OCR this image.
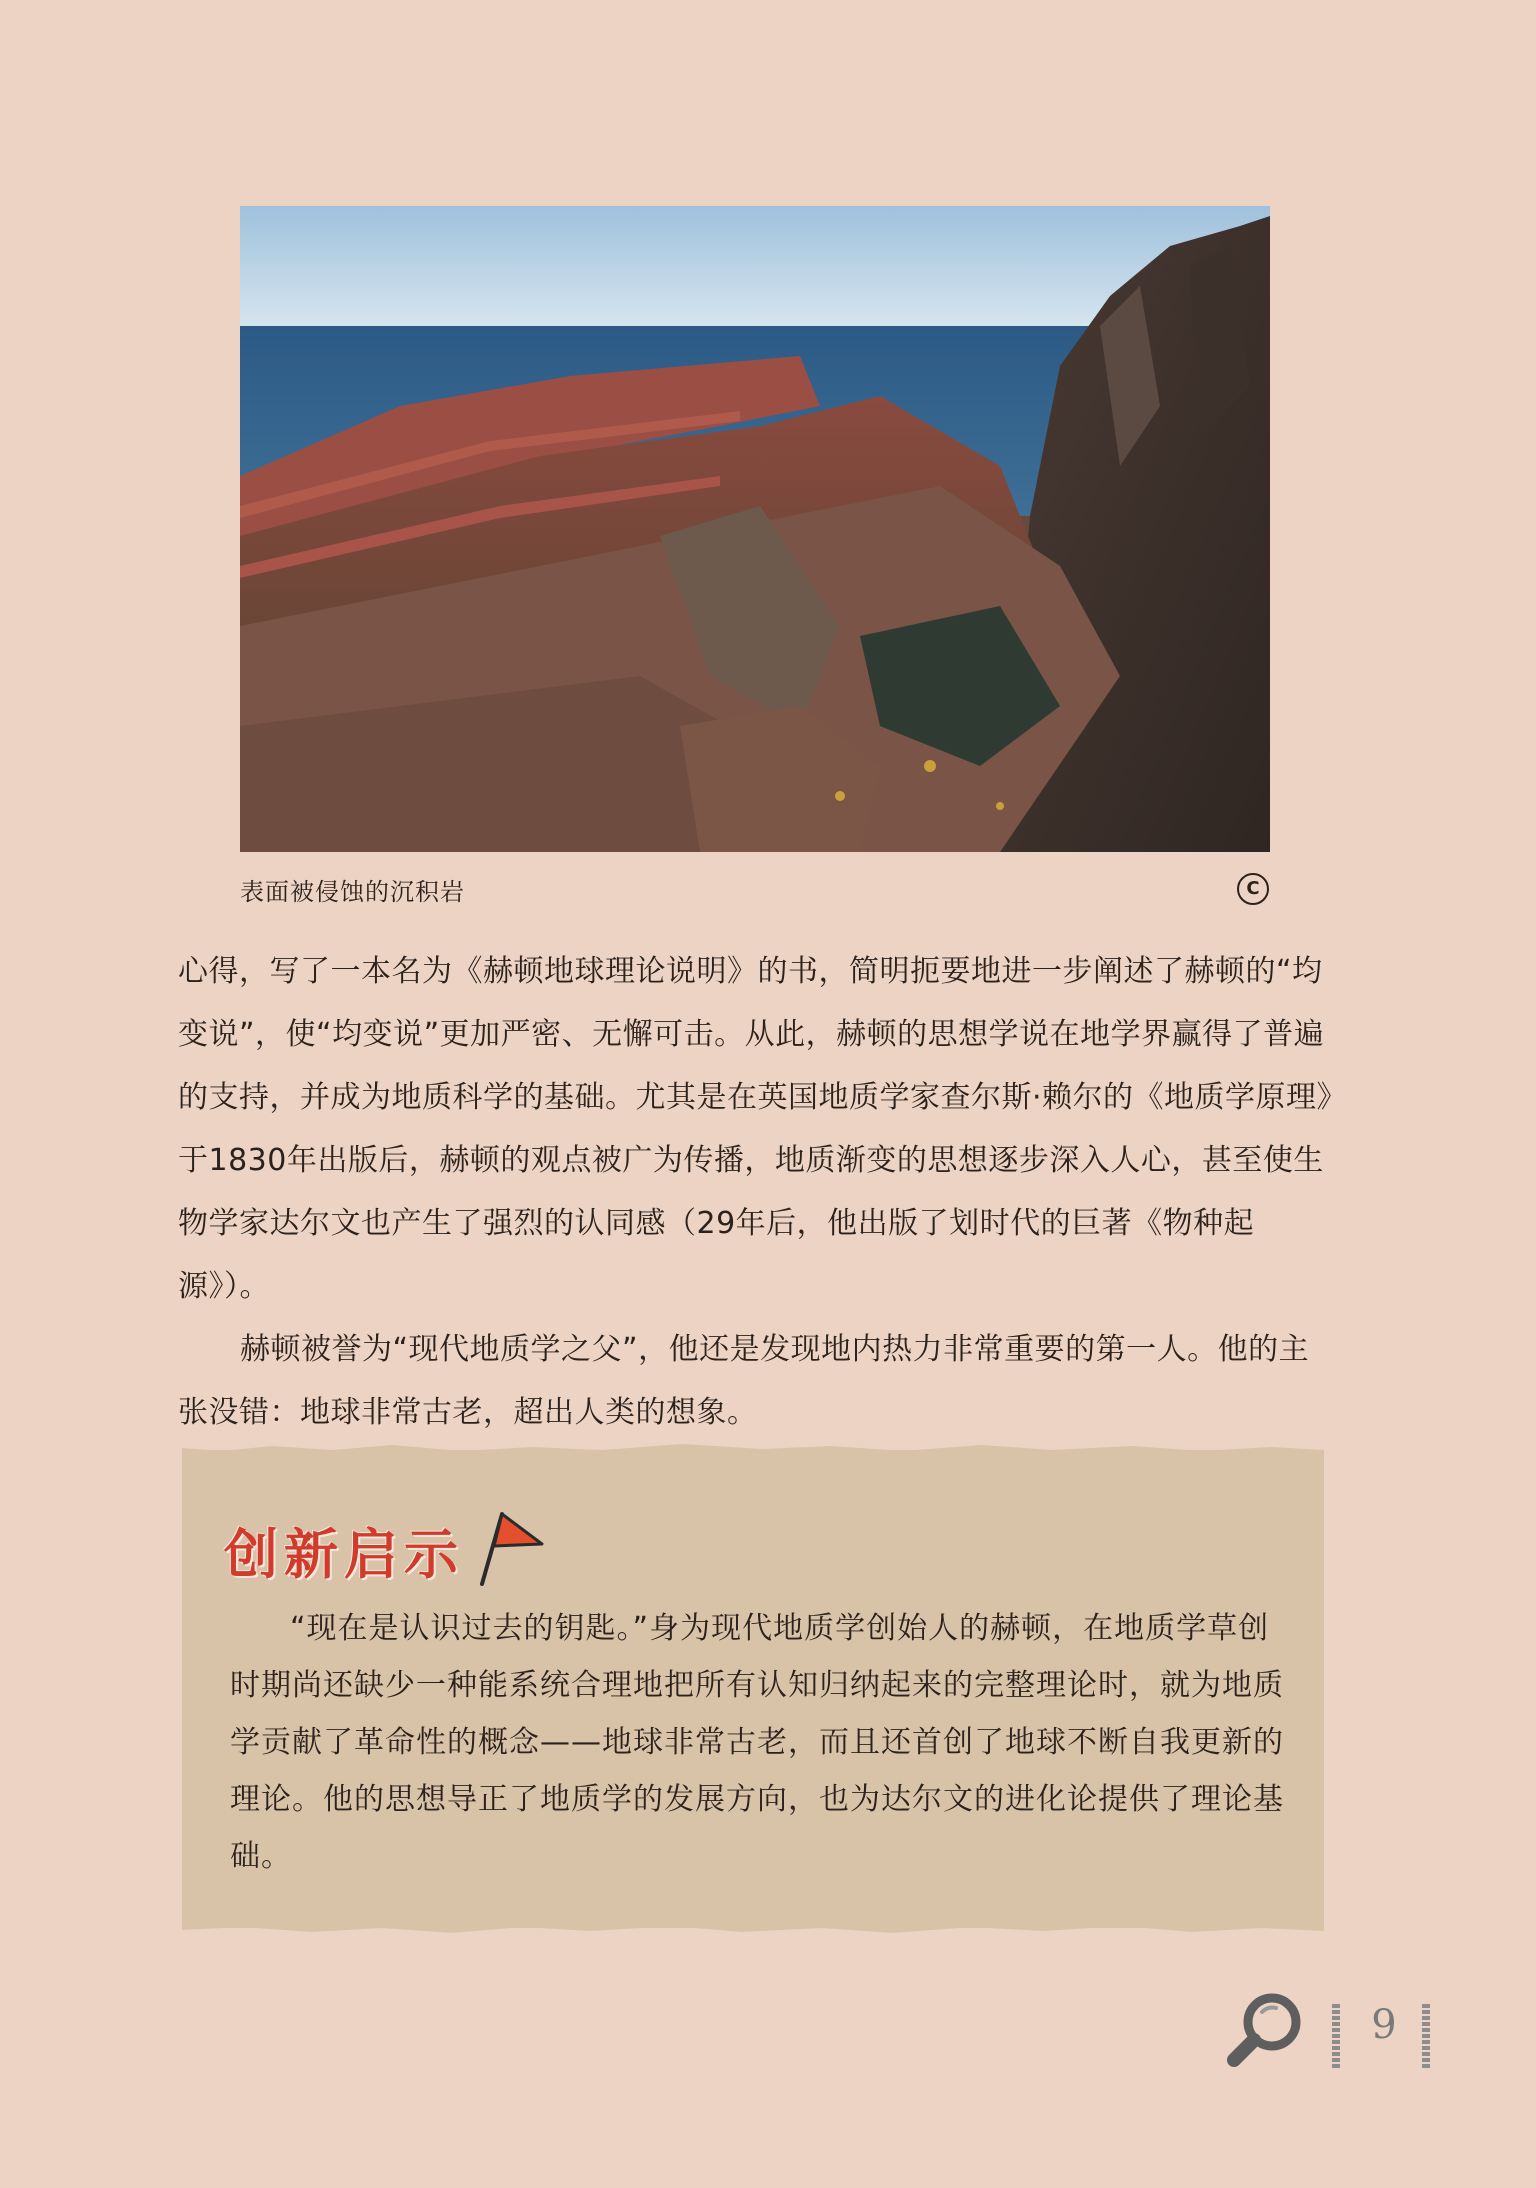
表面被侵蚀的沉积岩	C

心得，写了一本名为《赫顿地球理论说明》的书，简明扼要地进一步阐述了赫顿的“均变说”，使“均变说”更加严密、无懈可击。从此，赫顿的思想学说在地学界赢得了普遍的支持，并成为地质科学的基础。尤其是在英国地质学家查尔斯·赖尔的《地质学原理》于1830年出版后，赫顿的观点被广为传播，地质渐变的思想逐步深入人心，甚至使生物学家达尔文也产生了强烈的认同感（29年后，他出版了划时代的巨著《物种起源》）。

赫顿被誉为“现代地质学之父”，他还是发现地内热力非常重要的第一人。他的主张没错：地球非常古老，超出人类的想象。

创新启示
“现在是认识过去的钥匙。”身为现代地质学创始人的赫顿，在地质学草创时期尚还缺少一种能系统合理地把所有认知归纳起来的完整理论时，就为地质学贡献了革命性的概念——地球非常古老，而且还首创了地球不断自我更新的理论。他的思想导正了地质学的发展方向，也为达尔文的进化论提供了理论基础。
9
